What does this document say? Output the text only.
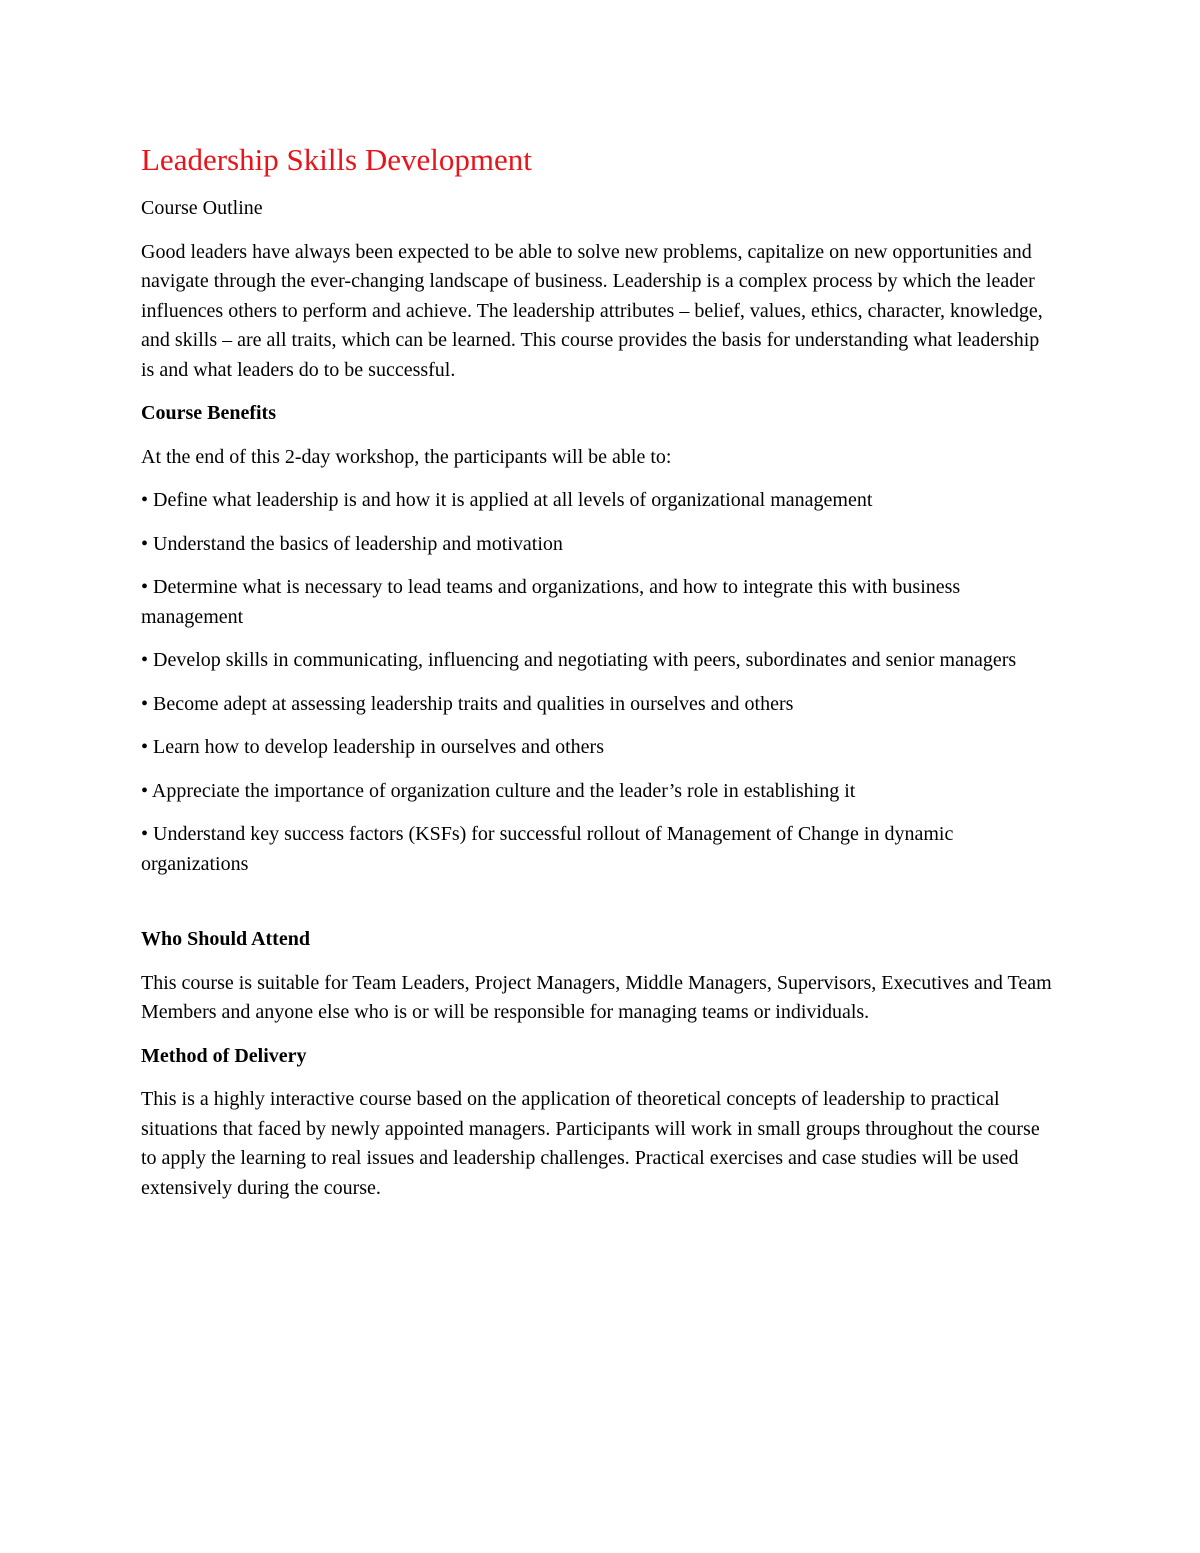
Leadership Skills Development

Course Outline

Good leaders have always been expected to be able to solve new problems, capitalize on new opportunities and navigate through the ever-changing landscape of business. Leadership is a complex process by which the leader influences others to perform and achieve. The leadership attributes – belief, values, ethics, character, knowledge, and skills – are all traits, which can be learned. This course provides the basis for understanding what leadership is and what leaders do to be successful.

Course Benefits

At the end of this 2-day workshop, the participants will be able to:

• Define what leadership is and how it is applied at all levels of organizational management
• Understand the basics of leadership and motivation
• Determine what is necessary to lead teams and organizations, and how to integrate this with business management
• Develop skills in communicating, influencing and negotiating with peers, subordinates and senior managers
• Become adept at assessing leadership traits and qualities in ourselves and others
• Learn how to develop leadership in ourselves and others
• Appreciate the importance of organization culture and the leader’s role in establishing it
• Understand key success factors (KSFs) for successful rollout of Management of Change in dynamic organizations

Who Should Attend

This course is suitable for Team Leaders, Project Managers, Middle Managers, Supervisors, Executives and Team Members and anyone else who is or will be responsible for managing teams or individuals.

Method of Delivery

This is a highly interactive course based on the application of theoretical concepts of leadership to practical situations that faced by newly appointed managers. Participants will work in small groups throughout the course to apply the learning to real issues and leadership challenges. Practical exercises and case studies will be used extensively during the course.
